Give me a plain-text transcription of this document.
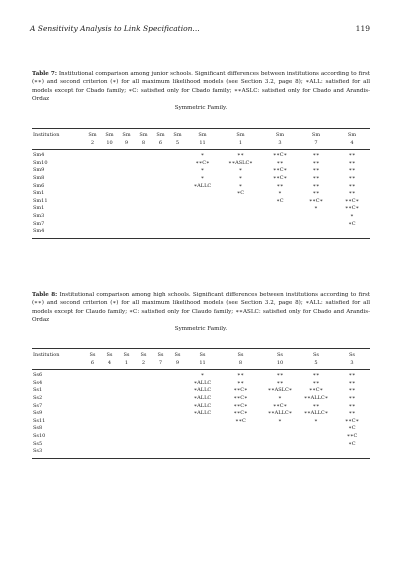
A Sensitivity Analysis to Link Specification...	119
Table 7: Institutional comparison among junior schools. Significant differences between institutions according to first (∗∗) and second criterion (∗) for all maximum likelihood models (see Section 3.2, page 8); ∗ALL: satisfied for all models except for Cbado family; ∗C: satisfied only for Cbado family; ∗∗ASLC: satisfied only for Cbado and Arandis-Ordaz
Symmetric Family.
Institution	Sm	Sm	Sm	Sm	Sm	Sm	Sm	Sm	Sm	Sm	Sm
	2	10	9	8	6	5	11	1	3	7	4
Sm4							∗	∗∗	∗∗C∗	∗∗	∗∗
Sm10							∗∗C∗	∗∗ASLC∗	∗∗	∗∗	∗∗
Sm9							∗	∗	∗∗C∗	∗∗	∗∗
Sm8							∗	∗	∗∗C∗	∗∗	∗∗
Sm6							∗ALLC	∗	∗∗	∗∗	∗∗
Sm1								∗C	∗	∗∗	∗∗
Sm11									∗C	∗∗C∗	∗∗C∗
Sm1										∗	∗∗C∗
Sm3											∗
Sm7											∗C
Sm4											
Table 8: Institutional comparison among high schools. Significant differences between institutions according to first (∗∗) and second criterion (∗) for all maximum likelihood models (see Section 3.2, page 8); ∗ALL: satisfied for all models except for Claudo family; ∗C: satisfied only for Claudo family; ∗∗ASLC: satisfied only for Cbado and Arandis-Ordaz
Symmetric Family.
Institution	Ss	Ss	Ss	Ss	Ss	Ss	Ss	Ss	Ss	Ss	Ss
	6	4	1	2	7	9	11	8	10	5	3
Ss6							∗	∗∗	∗∗	∗∗	∗∗
Ss4							∗ALLC	∗∗	∗∗	∗∗	∗∗
Ss1							∗ALLC	∗∗C∗	∗∗ASLC∗	∗∗C∗	∗∗
Ss2							∗ALLC	∗∗C∗	∗	∗∗ALLC∗	∗∗
Ss7							∗ALLC	∗∗C∗	∗∗C∗	∗∗	∗∗
Ss9							∗ALLC	∗∗C∗	∗∗ALLC∗	∗∗ALLC∗	∗∗
Ss11								∗∗C	∗	∗	∗∗C∗
Ss8											∗C
Ss10											∗∗C
Ss5											∗C
Ss3											
